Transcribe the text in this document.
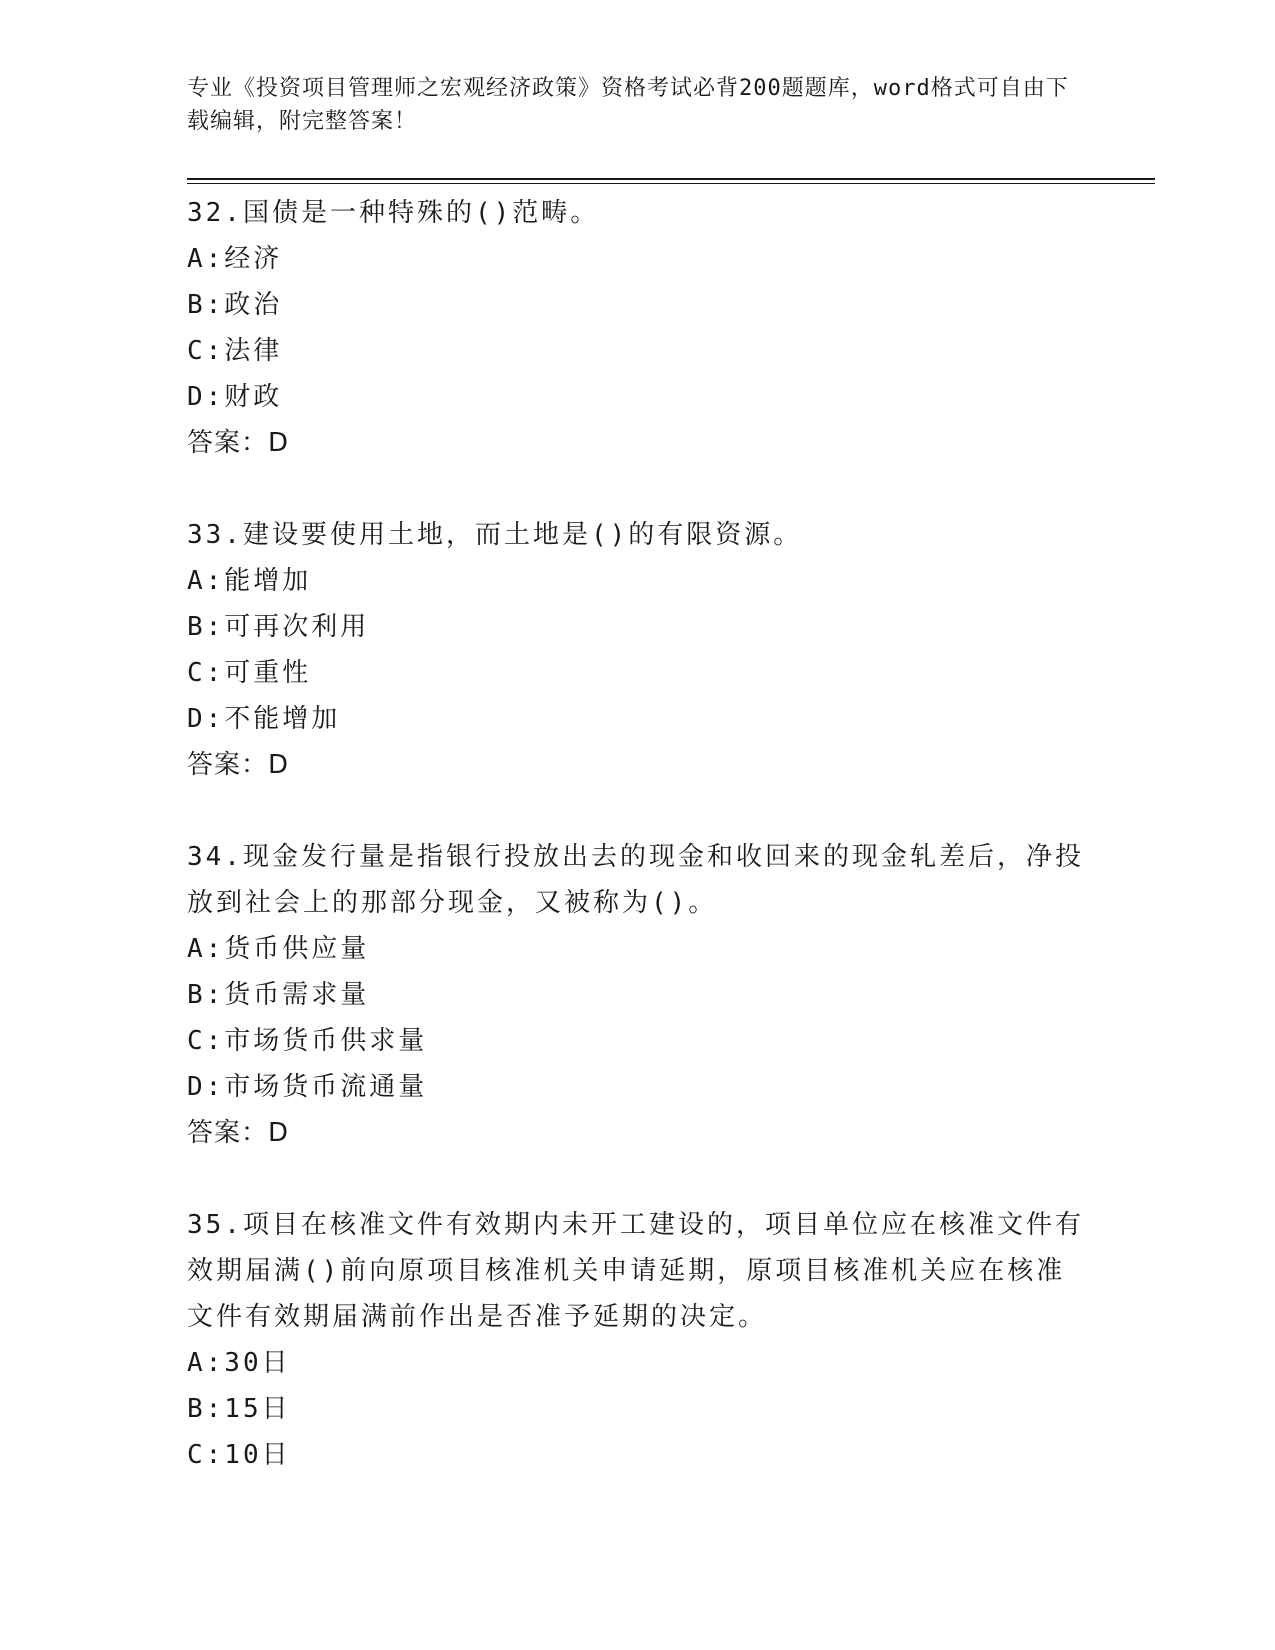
专业《投资项目管理师之宏观经济政策》资格考试必背200题题库，word格式可自由下载编辑，附完整答案！
32.国债是一种特殊的()范畴。
A:经济
B:政治
C:法律
D:财政
答案：D
33.建设要使用土地，而土地是()的有限资源。
A:能增加
B:可再次利用
C:可重性
D:不能增加
答案：D
34.现金发行量是指银行投放出去的现金和收回来的现金轧差后，净投放到社会上的那部分现金，又被称为()。
A:货币供应量
B:货币需求量
C:市场货币供求量
D:市场货币流通量
答案：D
35.项目在核准文件有效期内未开工建设的，项目单位应在核准文件有效期届满()前向原项目核准机关申请延期，原项目核准机关应在核准文件有效期届满前作出是否准予延期的决定。
A:30日
B:15日
C:10日
